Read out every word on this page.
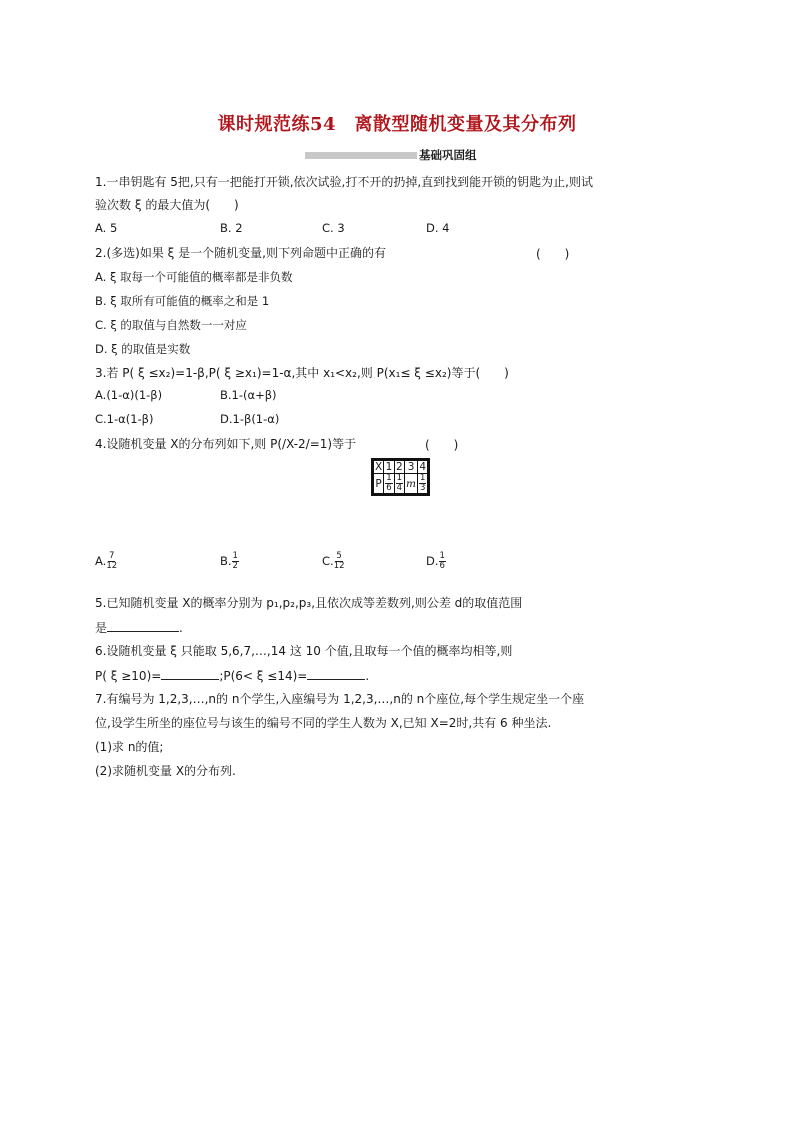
课时规范练54　离散型随机变量及其分布列
基础巩固组
1.一串钥匙有 5把,只有一把能打开锁,依次试验,打不开的扔掉,直到找到能开锁的钥匙为止,则试
验次数 ξ 的最大值为(　　)
A. 5	B. 2	C. 3	D. 4
2.(多选)如果 ξ 是一个随机变量,则下列命题中正确的有	(　　)
A. ξ 取每一个可能值的概率都是非负数
B. ξ 取所有可能值的概率之和是 1
C. ξ 的取值与自然数一一对应
D. ξ 的取值是实数
3.若 P( ξ ≤x₂)=1-β,P( ξ ≥x₁)=1-α,其中 x₁<x₂,则 P(x₁≤ ξ ≤x₂)等于(　　)
A.(1-α)(1-β)	B.1-(α+β)
C.1-α(1-β)	D.1-β(1-α)
4.设随机变量 X的分布列如下,则 P(/X-2/=1)等于	(　　)
X	1	2	3	4
P	$\frac{1}{6}$	$\frac{1}{4}$	m	$\frac{1}{3}$
A. $\frac{7}{12}$	B. $\frac{1}{2}$	C. $\frac{5}{12}$	D. $\frac{1}{6}$
5.已知随机变量 X的概率分别为 p₁,p₂,p₃,且依次成等差数列,则公差 d的取值范围
是	.
6.设随机变量 ξ 只能取 5,6,7,…,14 这 10 个值,且取每一个值的概率均相等,则
P( ξ ≥10)=	;P(6< ξ ≤14)=	.
7.有编号为 1,2,3,…,n的 n个学生,入座编号为 1,2,3,…,n的 n个座位,每个学生规定坐一个座
位,设学生所坐的座位号与该生的编号不同的学生人数为 X,已知 X=2时,共有 6 种坐法.
(1)求 n的值;
(2)求随机变量 X的分布列.
